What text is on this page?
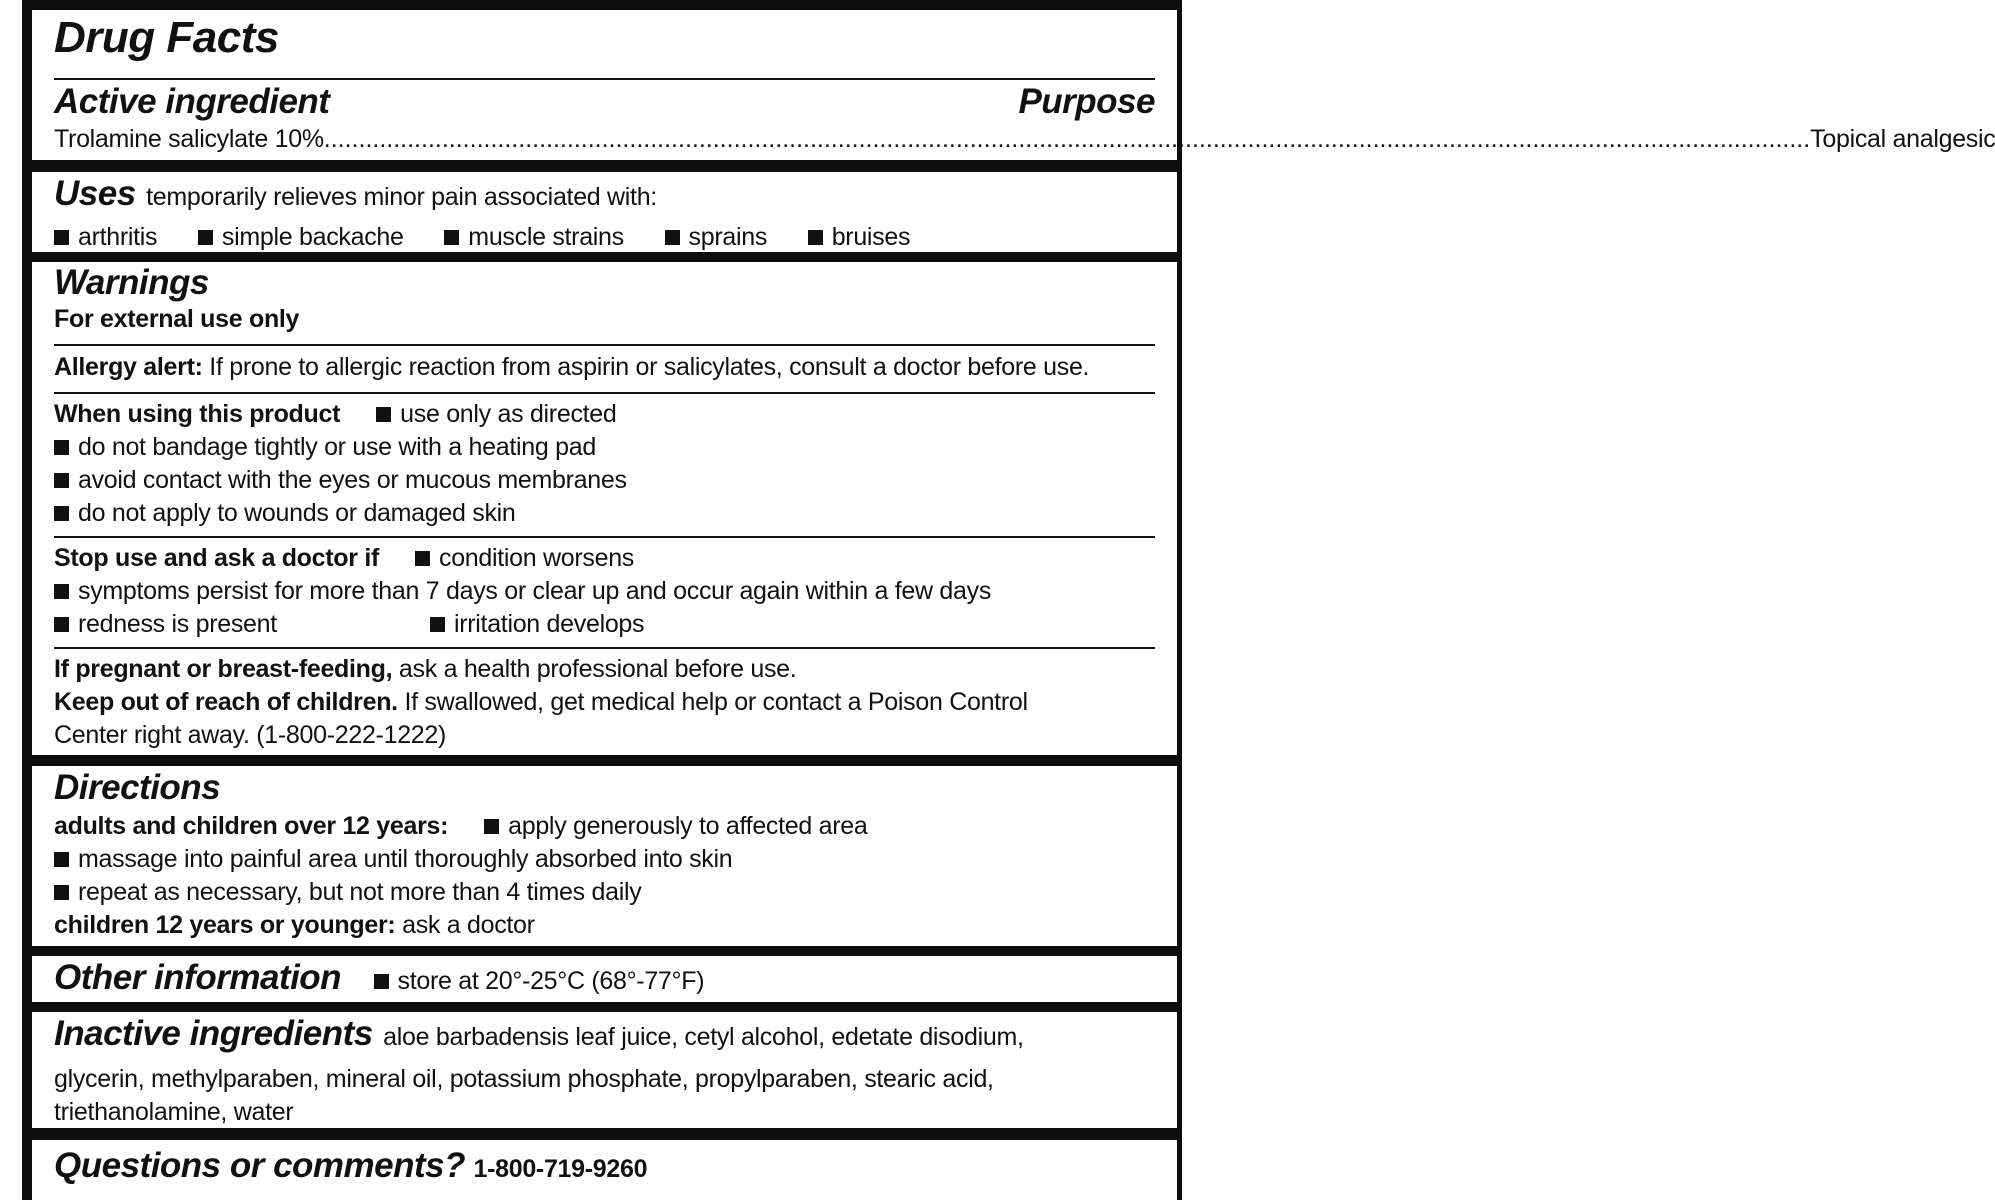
Drug Facts
Active ingredient	Purpose
Trolamine salicylate 10% ...................................................................................................................................................................................................................... Topical analgesic
Uses temporarily relieves minor pain associated with:
arthritis	simple backache	muscle strains	sprains	bruises
Warnings
For external use only
Allergy alert: If prone to allergic reaction from aspirin or salicylates, consult a doctor before use.
When using this product use only as directed
do not bandage tightly or use with a heating pad
avoid contact with the eyes or mucous membranes
do not apply to wounds or damaged skin
Stop use and ask a doctor if condition worsens
symptoms persist for more than 7 days or clear up and occur again within a few days
redness is present	irritation develops
If pregnant or breast-feeding, ask a health professional before use.
Keep out of reach of children. If swallowed, get medical help or contact a Poison Control
Center right away. (1-800-222-1222)
Directions
adults and children over 12 years: apply generously to affected area
massage into painful area until thoroughly absorbed into skin
repeat as necessary, but not more than 4 times daily
children 12 years or younger: ask a doctor
Other information store at 20°-25°C (68°-77°F)
Inactive ingredients aloe barbadensis leaf juice, cetyl alcohol, edetate disodium,
glycerin, methylparaben, mineral oil, potassium phosphate, propylparaben, stearic acid,
triethanolamine, water
Questions or comments? 1-800-719-9260
